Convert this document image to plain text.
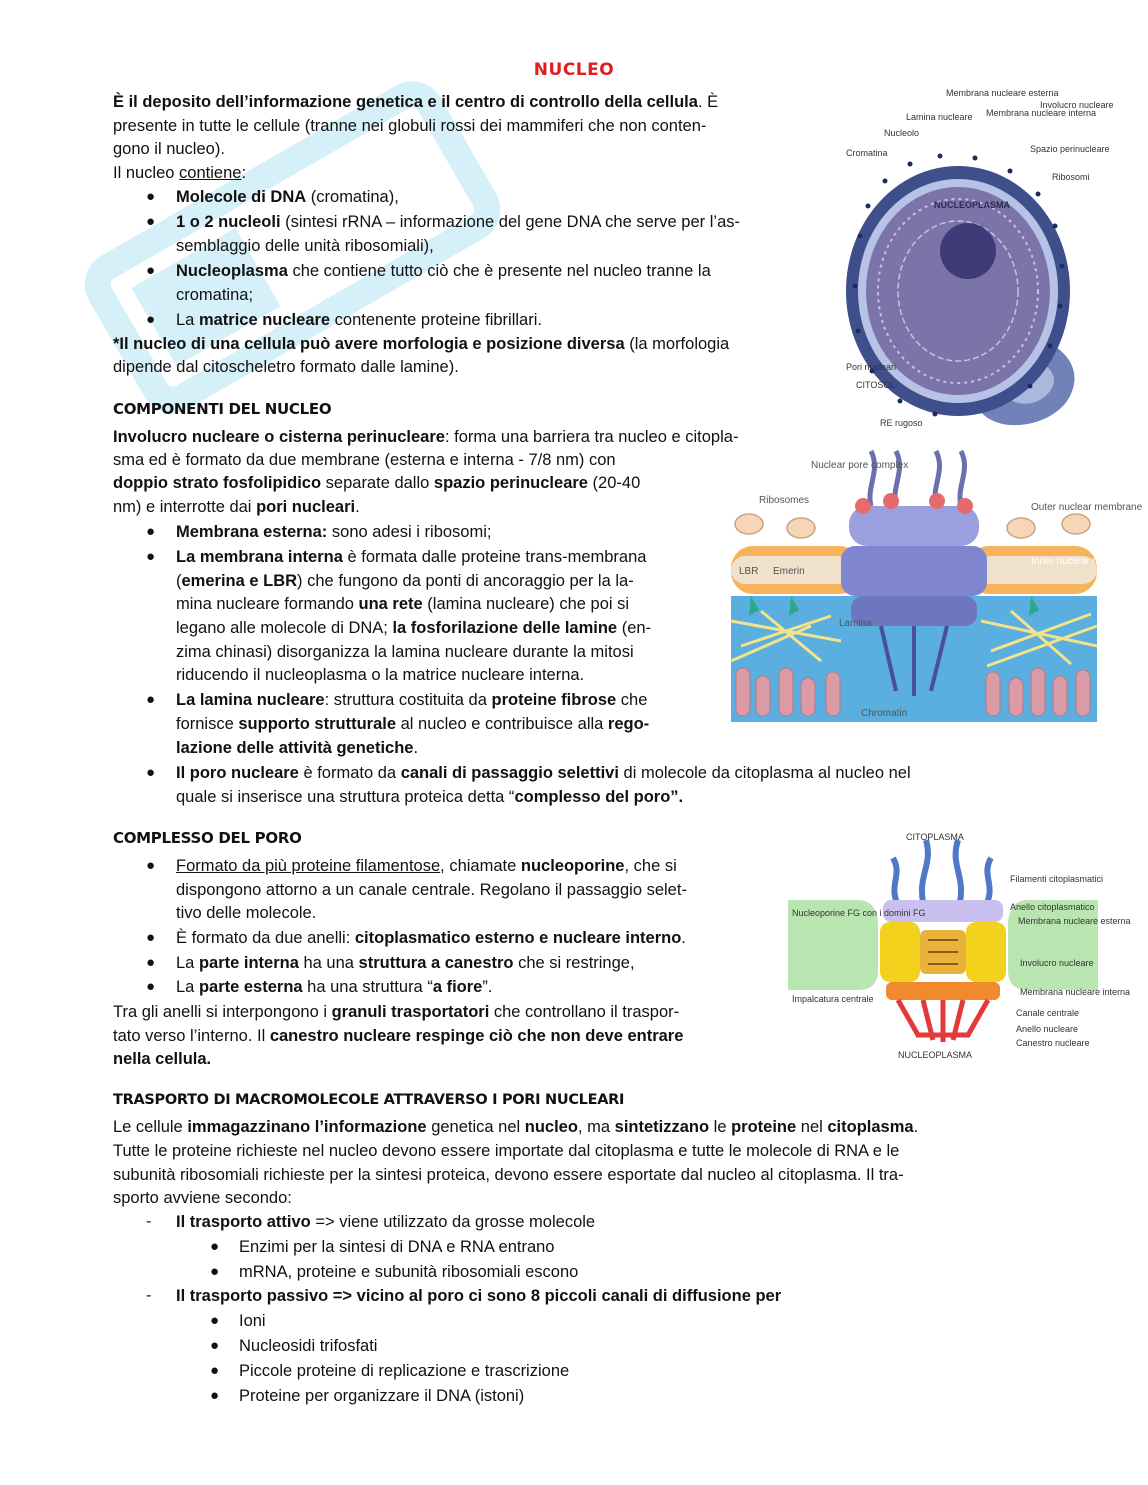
NUCLEO
È il deposito dell’informazione genetica e il centro di controllo della cellula. È
presente in tutte le cellule (tranne nei globuli rossi dei mammiferi che non conten-
gono il nucleo).
Il nucleo contiene:
● Molecole di DNA (cromatina),
● 1 o 2 nucleoli (sintesi rRNA – informazione del gene DNA che serve per l’as-
semblaggio delle unità ribosomiali),
● Nucleoplasma che contiene tutto ciò che è presente nel nucleo tranne la
cromatina;
● La matrice nucleare contenente proteine fibrillari.
*Il nucleo di una cellula può avere morfologia e posizione diversa (la morfologia
dipende dal citoscheletro formato dalle lamine).
COMPONENTI DEL NUCLEO
Involucro nucleare o cisterna perinucleare: forma una barriera tra nucleo e citopla-
sma ed è formato da due membrane (esterna e interna - 7/8 nm) con
doppio strato fosfolipidico separate dallo spazio perinucleare (20-40
nm) e interrotte dai pori nucleari.
● Membrana esterna: sono adesi i ribosomi;
● La membrana interna è formata dalle proteine trans-membrana
(emerina e LBR) che fungono da ponti di ancoraggio per la la-
mina nucleare formando una rete (lamina nucleare) che poi si
legano alle molecole di DNA; la fosforilazione delle lamine (en-
zima chinasi) disorganizza la lamina nucleare durante la mitosi
riducendo il nucleoplasma o la matrice nucleare interna.
● La lamina nucleare: struttura costituita da proteine fibrose che
fornisce supporto strutturale al nucleo e contribuisce alla rego-
lazione delle attività genetiche.
● Il poro nucleare è formato da canali di passaggio selettivi di molecole da citoplasma al nucleo nel
quale si inserisce una struttura proteica detta “complesso del poro”.
COMPLESSO DEL PORO
● Formato da più proteine filamentose, chiamate nucleoporine, che si
dispongono attorno a un canale centrale. Regolano il passaggio selet-
tivo delle molecole.
● È formato da due anelli: citoplasmatico esterno e nucleare interno.
● La parte interna ha una struttura a canestro che si restringe,
● La parte esterna ha una struttura “a fiore”.
Tra gli anelli si interpongono i granuli trasportatori che controllano il traspor-
tato verso l’interno. Il canestro nucleare respinge ciò che non deve entrare
nella cellula.
TRASPORTO DI MACROMOLECOLE ATTRAVERSO I PORI NUCLEARI
Le cellule immagazzinano l’informazione genetica nel nucleo, ma sintetizzano le proteine nel citoplasma.
Tutte le proteine richieste nel nucleo devono essere importate dal citoplasma e tutte le molecole di RNA e le
subunità ribosomiali richieste per la sintesi proteica, devono essere esportate dal nucleo al citoplasma. Il tra-
sporto avviene secondo:
- Il trasporto attivo => viene utilizzato da grosse molecole
● Enzimi per la sintesi di DNA e RNA entrano
● mRNA, proteine e subunità ribosomiali escono
- Il trasporto passivo => vicino al poro ci sono 8 piccoli canali di diffusione per
● Ioni
● Nucleosidi trifosfati
● Piccole proteine di replicazione e trascrizione
● Proteine per organizzare il DNA (istoni)
Membrana nucleare esterna
Lamina nucleare Membrana nucleare interna
Involucro nucleare
Nucleolo
Cromatina	Spazio perinucleare
Ribosomi
NUCLEOPLASMA
Pori nucleari
CITOSOL
RE rugoso
Nuclear pore complex
Ribosomes
Outer nuclear membrane
Inner nuclear membrane
LBR Emerin
Lamina
Chromatin
CITOPLASMA
Filamenti citoplasmatici
Anello citoplasmatico
Membrana nucleare esterna
Nucleoporine FG con i domini FG
Involucro nucleare
Membrana nucleare interna
Canale centrale
Impalcatura centrale
Anello nucleare
Canestro nucleare
NUCLEOPLASMA
